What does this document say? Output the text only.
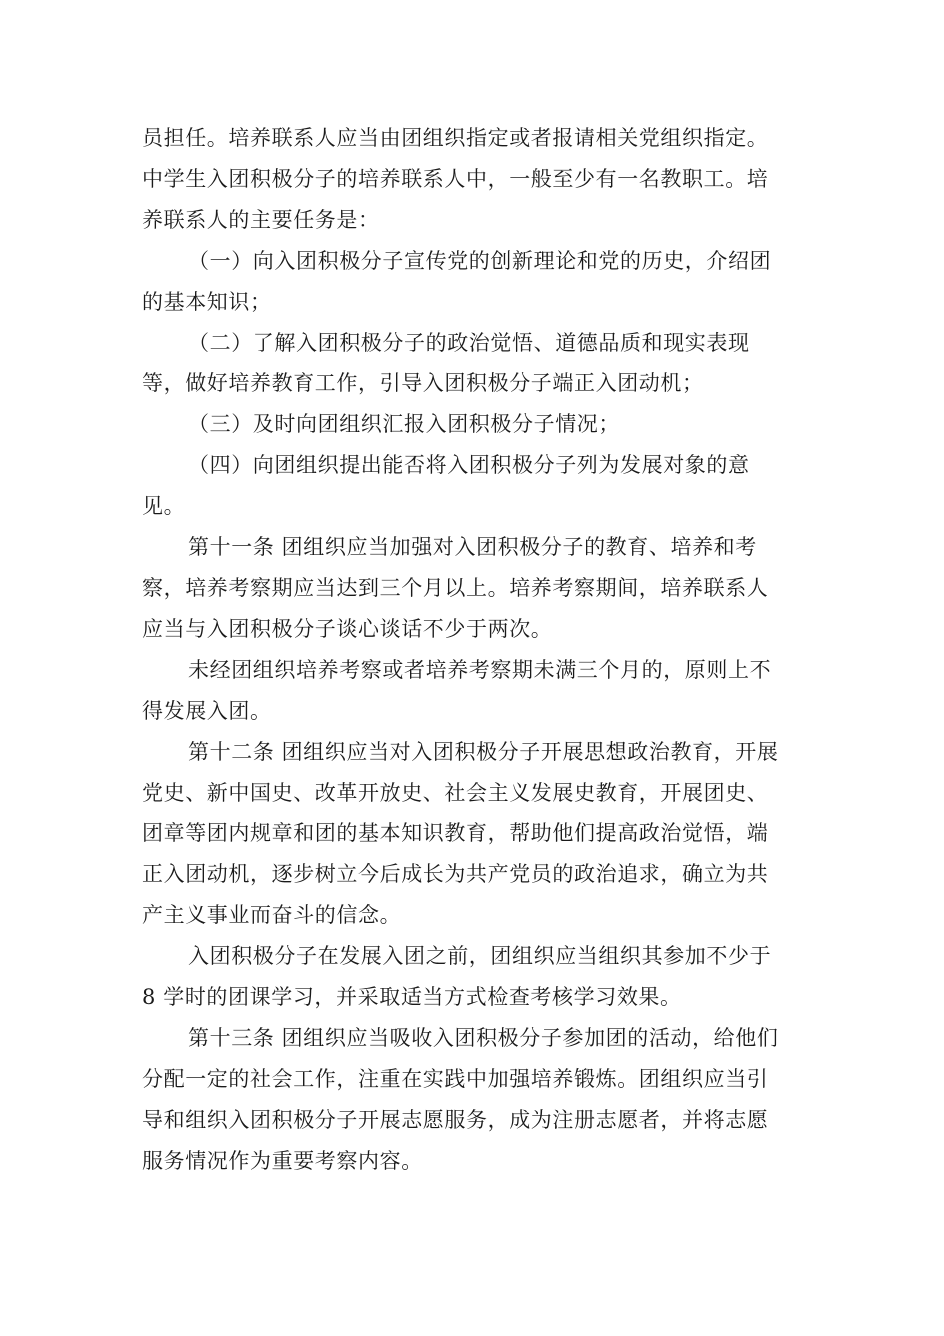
员担任。培养联系人应当由团组织指定或者报请相关党组织指定。
中学生入团积极分子的培养联系人中，一般至少有一名教职工。培
养联系人的主要任务是：
（一）向入团积极分子宣传党的创新理论和党的历史，介绍团
的基本知识；
（二）了解入团积极分子的政治觉悟、道德品质和现实表现
等，做好培养教育工作，引导入团积极分子端正入团动机；
（三）及时向团组织汇报入团积极分子情况；
（四）向团组织提出能否将入团积极分子列为发展对象的意
见。
第十一条 团组织应当加强对入团积极分子的教育、培养和考
察，培养考察期应当达到三个月以上。培养考察期间，培养联系人
应当与入团积极分子谈心谈话不少于两次。
未经团组织培养考察或者培养考察期未满三个月的，原则上不
得发展入团。
第十二条 团组织应当对入团积极分子开展思想政治教育，开展
党史、新中国史、改革开放史、社会主义发展史教育，开展团史、
团章等团内规章和团的基本知识教育，帮助他们提高政治觉悟，端
正入团动机，逐步树立今后成长为共产党员的政治追求，确立为共
产主义事业而奋斗的信念。
入团积极分子在发展入团之前，团组织应当组织其参加不少于
8 学时的团课学习，并采取适当方式检查考核学习效果。
第十三条 团组织应当吸收入团积极分子参加团的活动，给他们
分配一定的社会工作，注重在实践中加强培养锻炼。团组织应当引
导和组织入团积极分子开展志愿服务，成为注册志愿者，并将志愿
服务情况作为重要考察内容。
